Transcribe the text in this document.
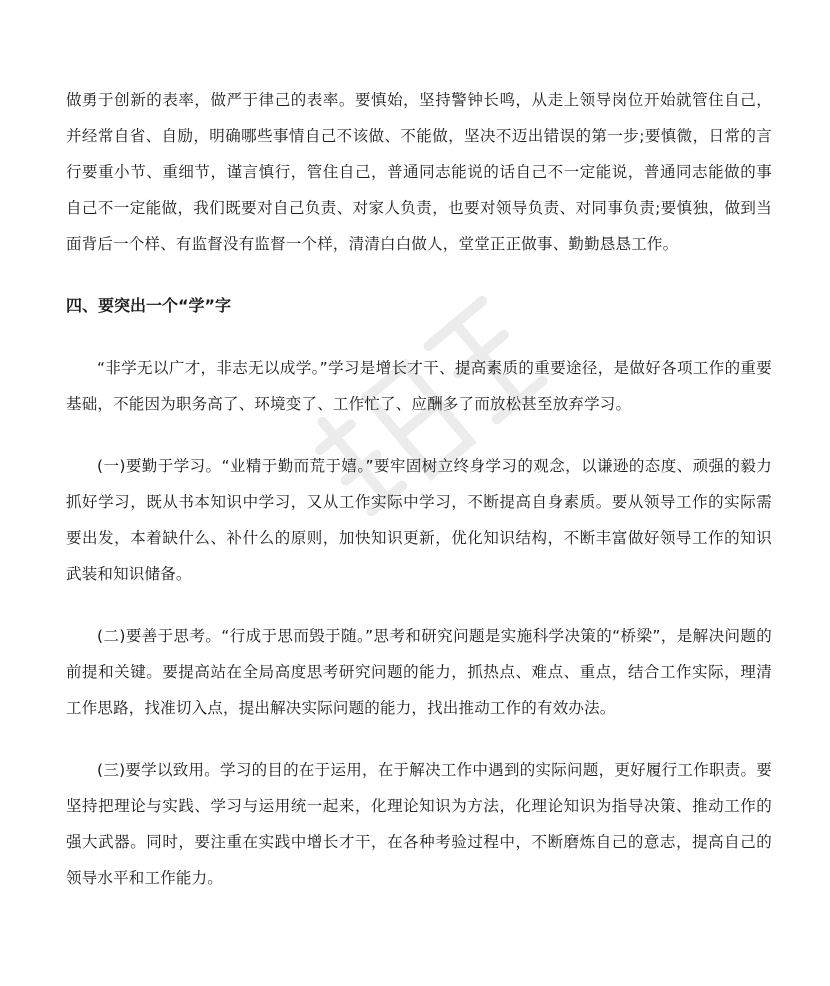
做勇于创新的表率，做严于律己的表率。要慎始，坚持警钟长鸣，从走上领导岗位开始就管住自己，并经常自省、自励，明确哪些事情自己不该做、不能做，坚决不迈出错误的第一步;要慎微，日常的言行要重小节、重细节，谨言慎行，管住自己，普通同志能说的话自己不一定能说，普通同志能做的事自己不一定能做，我们既要对自己负责、对家人负责，也要对领导负责、对同事负责;要慎独，做到当面背后一个样、有监督没有监督一个样，清清白白做人，堂堂正正做事、勤勤恳恳工作。

四、要突出一个“学”字

“非学无以广才，非志无以成学。”学习是增长才干、提高素质的重要途径，是做好各项工作的重要基础，不能因为职务高了、环境变了、工作忙了、应酬多了而放松甚至放弃学习。

(一)要勤于学习。“业精于勤而荒于嬉。”要牢固树立终身学习的观念，以谦逊的态度、顽强的毅力抓好学习，既从书本知识中学习，又从工作实际中学习，不断提高自身素质。要从领导工作的实际需要出发，本着缺什么、补什么的原则，加快知识更新，优化知识结构，不断丰富做好领导工作的知识武装和知识储备。

(二)要善于思考。“行成于思而毁于随。”思考和研究问题是实施科学决策的“桥梁”，是解决问题的前提和关键。要提高站在全局高度思考研究问题的能力，抓热点、难点、重点，结合工作实际，理清工作思路，找准切入点，提出解决实际问题的能力，找出推动工作的有效办法。

(三)要学以致用。学习的目的在于运用，在于解决工作中遇到的实际问题，更好履行工作职责。要坚持把理论与实践、学习与运用统一起来，化理论知识为方法，化理论知识为指导决策、推动工作的强大武器。同时，要注重在实践中增长才干，在各种考验过程中，不断磨炼自己的意志，提高自己的领导水平和工作能力。
